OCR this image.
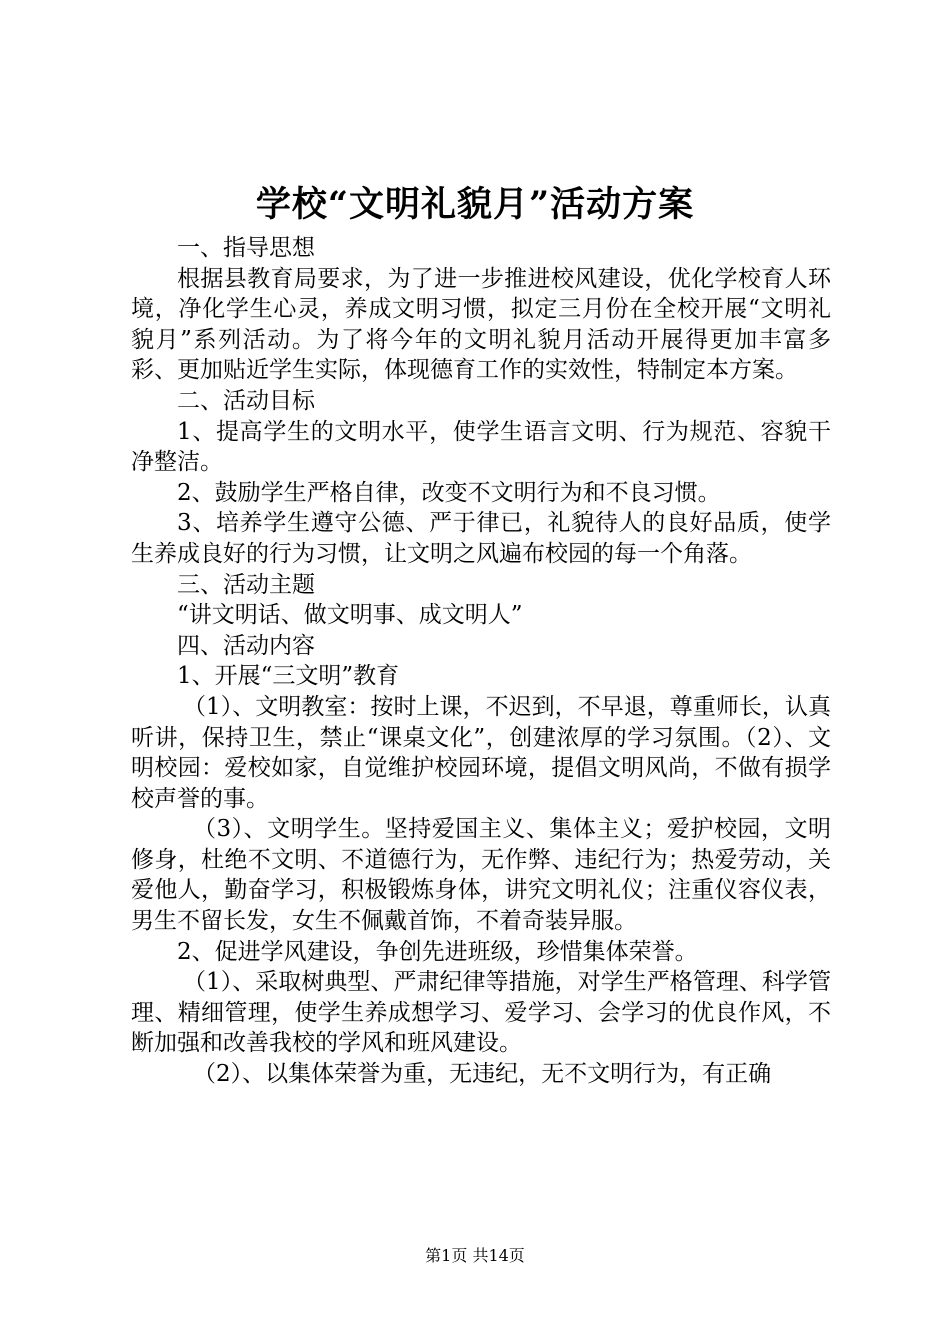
学校“文明礼貌月”活动方案

一、指导思想

根据县教育局要求，为了进一步推进校风建设，优化学校育人环境，净化学生心灵，养成文明习惯，拟定三月份在全校开展“文明礼貌月”系列活动。为了将今年的文明礼貌月活动开展得更加丰富多彩、更加贴近学生实际，体现德育工作的实效性，特制定本方案。

二、活动目标

1、提高学生的文明水平，使学生语言文明、行为规范、容貌干净整洁。

2、鼓励学生严格自律，改变不文明行为和不良习惯。

3、培养学生遵守公德、严于律已，礼貌待人的良好品质，使学生养成良好的行为习惯，让文明之风遍布校园的每一个角落。

三、活动主题

“讲文明话、做文明事、成文明人”

四、活动内容

1、开展“三文明”教育

（1）、文明教室：按时上课，不迟到，不早退，尊重师长，认真听讲，保持卫生，禁止“课桌文化”，创建浓厚的学习氛围。（2）、文明校园：爱校如家，自觉维护校园环境，提倡文明风尚，不做有损学校声誉的事。

（3）、文明学生。坚持爱国主义、集体主义；爱护校园，文明修身，杜绝不文明、不道德行为，无作弊、违纪行为；热爱劳动，关爱他人，勤奋学习，积极锻炼身体，讲究文明礼仪；注重仪容仪表，男生不留长发，女生不佩戴首饰，不着奇装异服。

2、促进学风建设，争创先进班级，珍惜集体荣誉。

（1）、采取树典型、严肃纪律等措施，对学生严格管理、科学管理、精细管理，使学生养成想学习、爱学习、会学习的优良作风，不断加强和改善我校的学风和班风建设。

（2）、以集体荣誉为重，无违纪，无不文明行为，有正确

第1页 共14页
